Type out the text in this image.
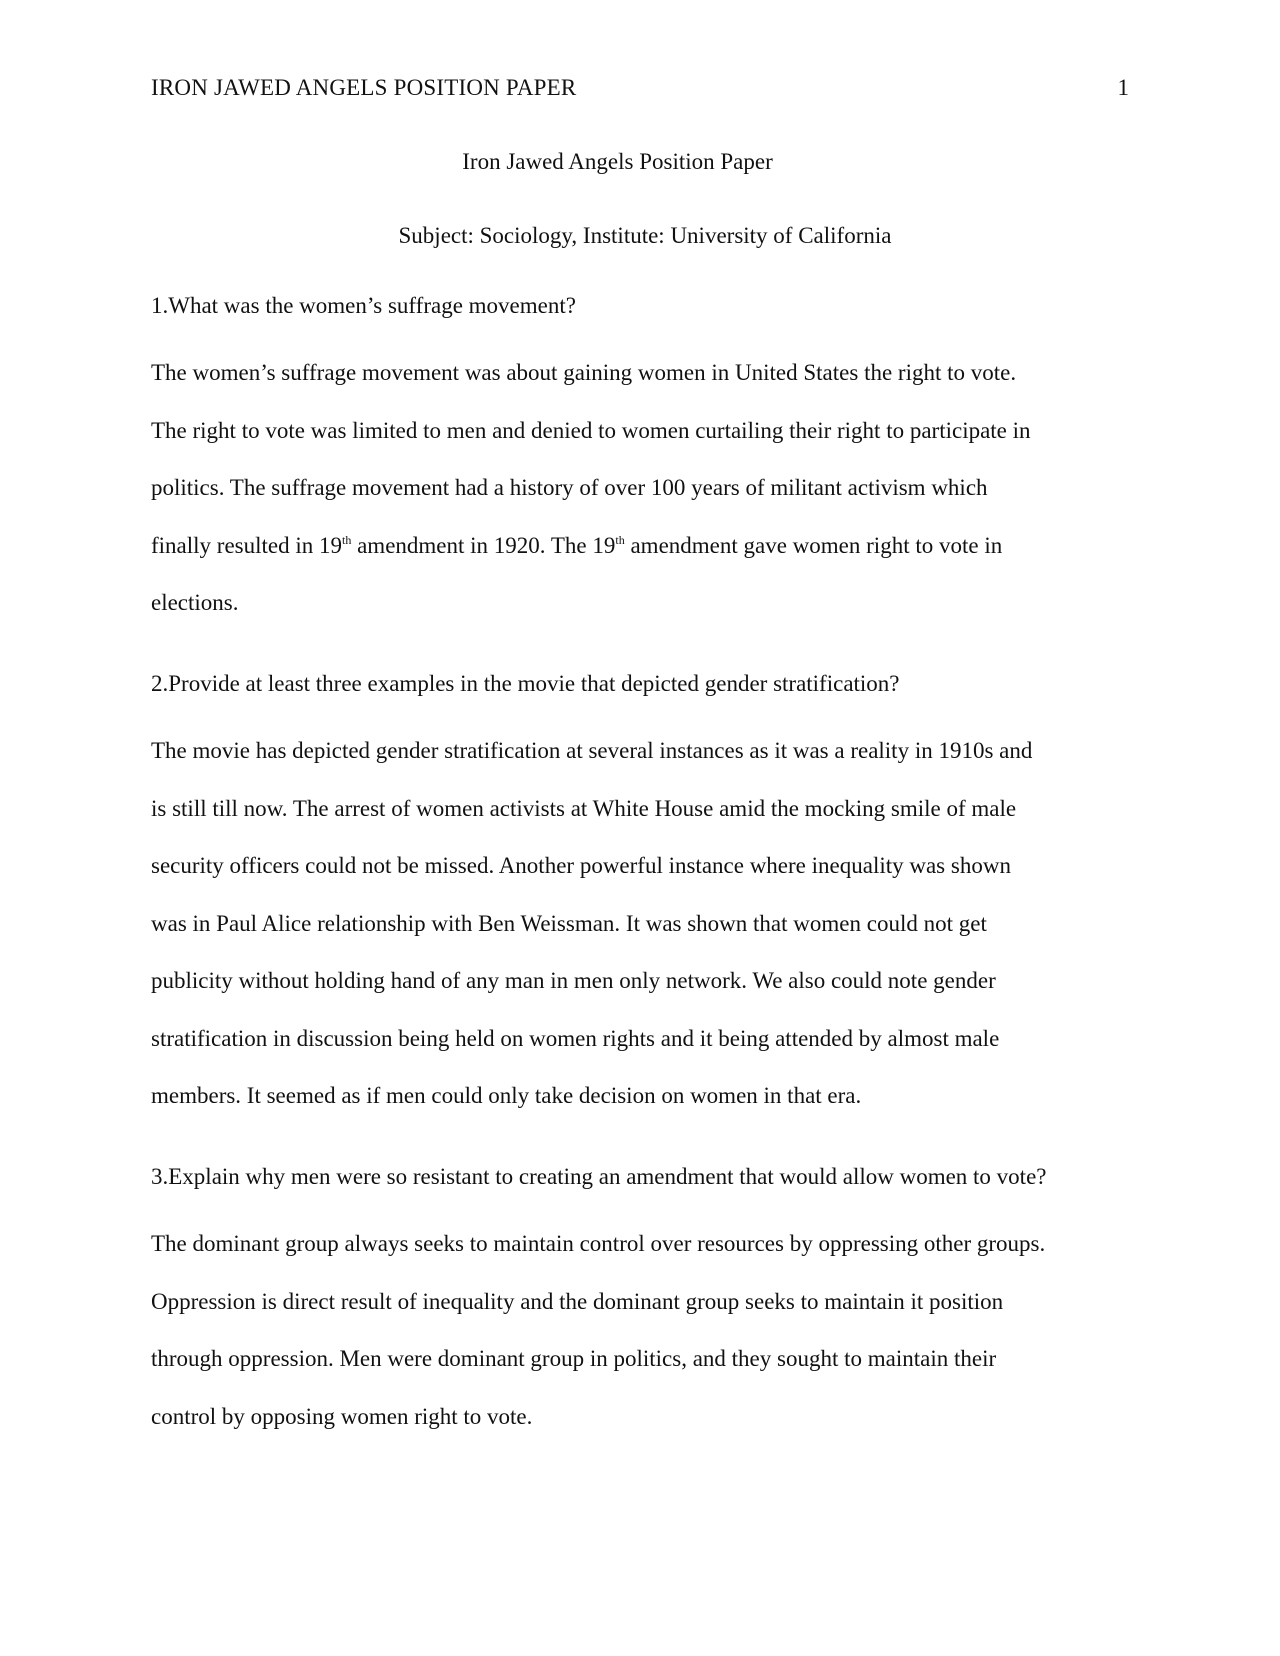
IRON JAWED ANGELS POSITION PAPER	1
Iron Jawed Angels Position Paper
Subject: Sociology, Institute: University of California
1.What was the women’s suffrage movement?
The women’s suffrage movement was about gaining women in United States the right to vote.
The right to vote was limited to men and denied to women curtailing their right to participate in
politics. The suffrage movement had a history of over 100 years of militant activism which
finally resulted in 19th amendment in 1920. The 19th amendment gave women right to vote in
elections.
2.Provide at least three examples in the movie that depicted gender stratification?
The movie has depicted gender stratification at several instances as it was a reality in 1910s and
is still till now. The arrest of women activists at White House amid the mocking smile of male
security officers could not be missed. Another powerful instance where inequality was shown
was in Paul Alice relationship with Ben Weissman. It was shown that women could not get
publicity without holding hand of any man in men only network. We also could note gender
stratification in discussion being held on women rights and it being attended by almost male
members. It seemed as if men could only take decision on women in that era.
3.Explain why men were so resistant to creating an amendment that would allow women to vote?
The dominant group always seeks to maintain control over resources by oppressing other groups.
Oppression is direct result of inequality and the dominant group seeks to maintain it position
through oppression. Men were dominant group in politics, and they sought to maintain their
control by opposing women right to vote.
